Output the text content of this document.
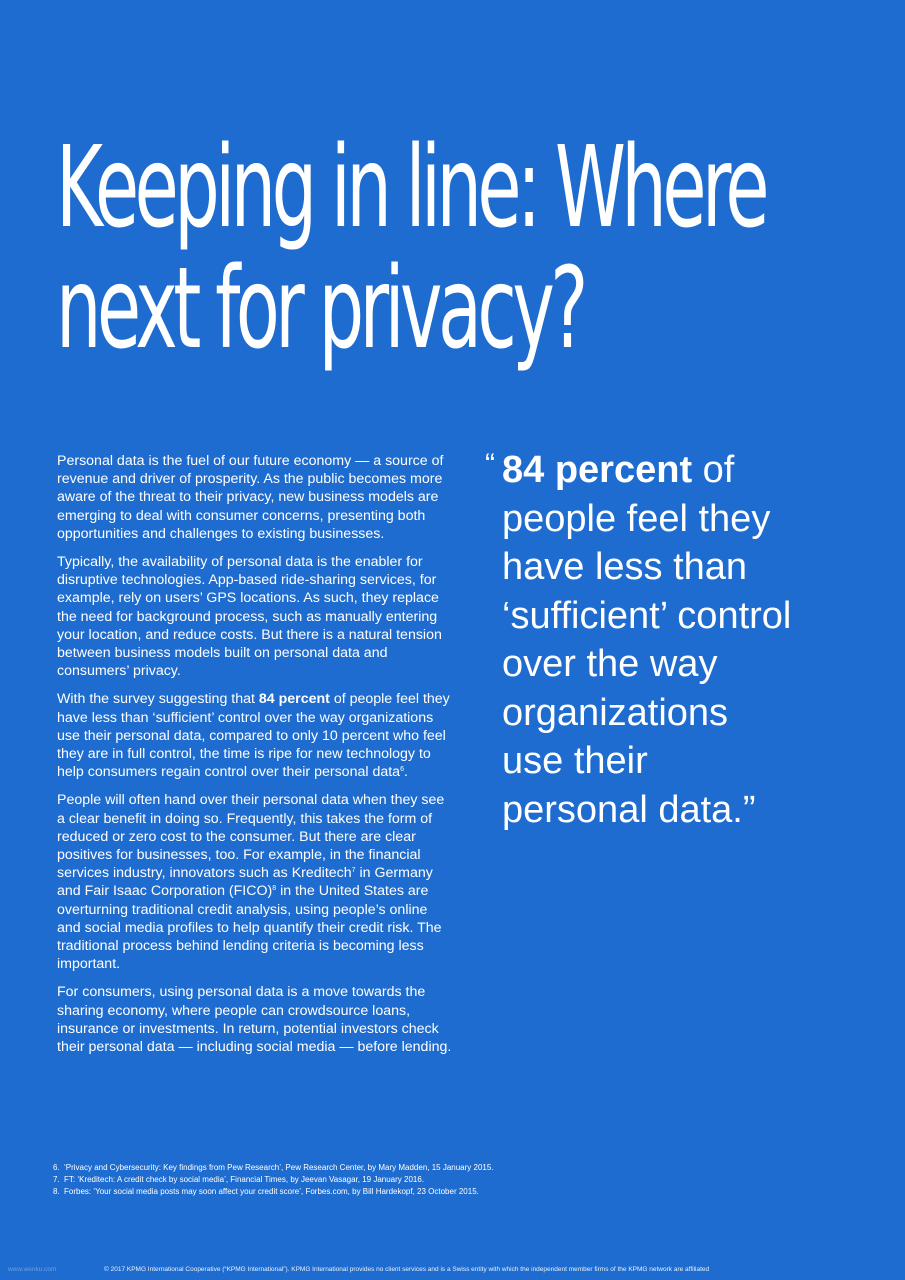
Keeping in line: Where
next for privacy?

Personal data is the fuel of our future economy — a source of revenue and driver of prosperity. As the public becomes more aware of the threat to their privacy, new business models are emerging to deal with consumer concerns, presenting both opportunities and challenges to existing businesses.

Typically, the availability of personal data is the enabler for disruptive technologies. App-based ride-sharing services, for example, rely on users’ GPS locations. As such, they replace the need for background process, such as manually entering your location, and reduce costs. But there is a natural tension between business models built on personal data and consumers’ privacy.

With the survey suggesting that 84 percent of people feel they have less than ‘sufficient’ control over the way organizations use their personal data, compared to only 10 percent who feel they are in full control, the time is ripe for new technology to help consumers regain control over their personal data$^6$.

People will often hand over their personal data when they see a clear benefit in doing so. Frequently, this takes the form of reduced or zero cost to the consumer. But there are clear positives for businesses, too. For example, in the financial services industry, innovators such as Kreditech$^7$ in Germany and Fair Isaac Corporation (FICO)$^8$ in the United States are overturning traditional credit analysis, using people’s online and social media profiles to help quantify their credit risk. The traditional process behind lending criteria is becoming less important.

For consumers, using personal data is a move towards the sharing economy, where people can crowdsource loans, insurance or investments. In return, potential investors check their personal data — including social media — before lending.

“ 84 percent of
people feel they
have less than
‘sufficient’ control
over the way
organizations
use their
personal data.”
6. ‘Privacy and Cybersecurity: Key findings from Pew Research’, Pew Research Center, by Mary Madden, 15 January 2015.
7. FT: ‘Kreditech: A credit check by social media’, Financial Times, by Jeevan Vasagar, 19 January 2016.
8. Forbes: ‘Your social media posts may soon affect your credit score’, Forbes.com, by Bill Hardekopf, 23 October 2015.
www.wenku.com	© 2017 KPMG International Cooperative (“KPMG International”). KPMG International provides no client services and is a Swiss entity with which the independent member firms of the KPMG network are affiliated
